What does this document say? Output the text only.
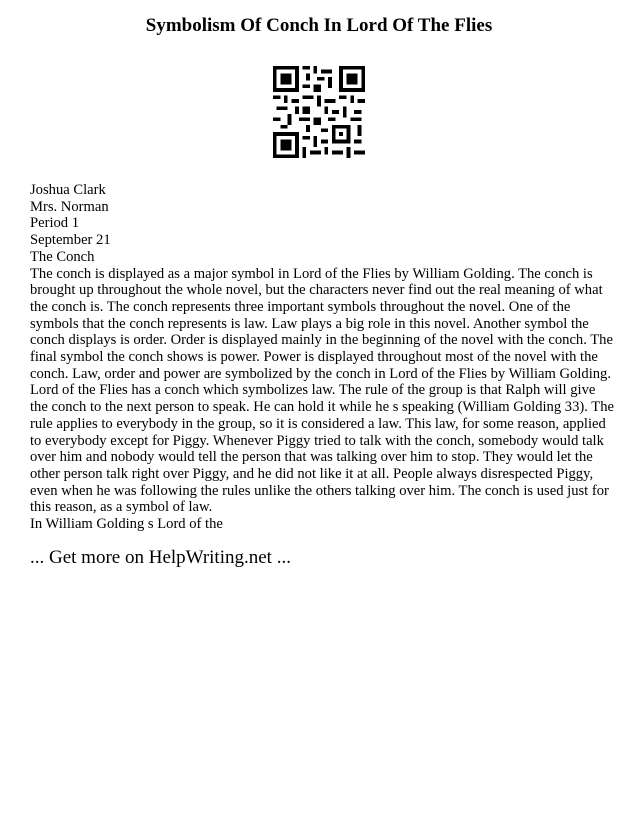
Symbolism Of Conch In Lord Of The Flies

Joshua Clark

Mrs. Norman

Period 1

September 21

The Conch

The conch is displayed as a major symbol in Lord of the Flies by William Golding. The conch is brought up throughout the whole novel, but the characters never find out the real meaning of what the conch is. The conch represents three important symbols throughout the novel. One of the symbols that the conch represents is law. Law plays a big role in this novel. Another symbol the conch displays is order. Order is displayed mainly in the beginning of the novel with the conch. The final symbol the conch shows is power. Power is displayed throughout most of the novel with the conch. Law, order and power are symbolized by the conch in Lord of the Flies by William Golding.

Lord of the Flies has a conch which symbolizes law. The rule of the group is that Ralph will give the conch to the next person to speak. He can hold it while he s speaking (William Golding 33). The rule applies to everybody in the group, so it is considered a law. This law, for some reason, applied to everybody except for Piggy. Whenever Piggy tried to talk with the conch, somebody would talk over him and nobody would tell the person that was talking over him to stop. They would let the other person talk right over Piggy, and he did not like it at all. People always disrespected Piggy, even when he was following the rules unlike the others talking over him. The conch is used just for this reason, as a symbol of law.

In William Golding s Lord of the

... Get more on HelpWriting.net ...
